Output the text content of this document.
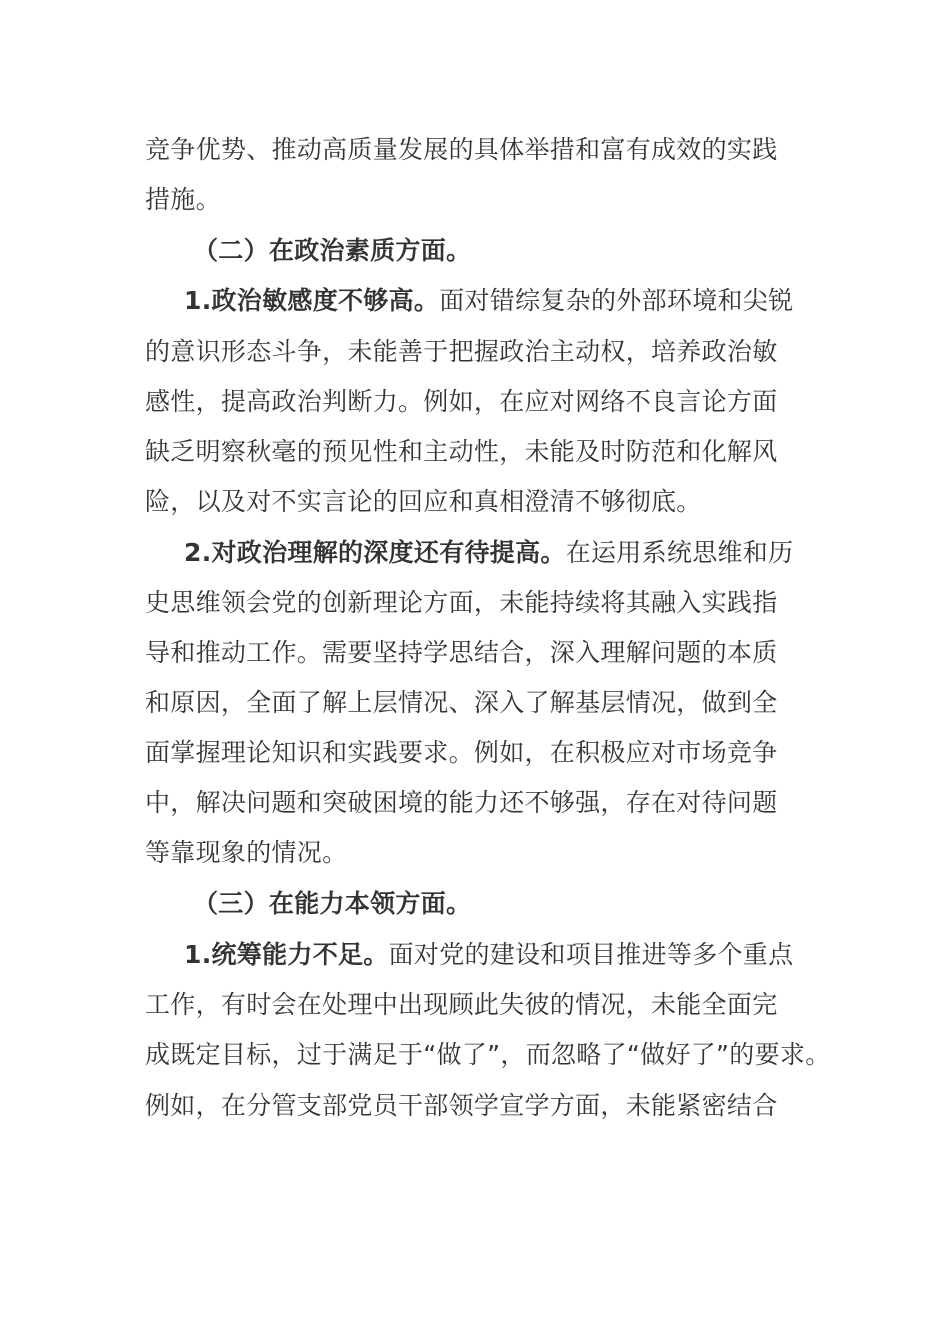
竞争优势、推动高质量发展的具体举措和富有成效的实践
措施。
（二）在政治素质方面。
1.政治敏感度不够高。面对错综复杂的外部环境和尖锐
的意识形态斗争，未能善于把握政治主动权，培养政治敏
感性，提高政治判断力。例如，在应对网络不良言论方面
缺乏明察秋毫的预见性和主动性，未能及时防范和化解风
险，以及对不实言论的回应和真相澄清不够彻底。
2.对政治理解的深度还有待提高。在运用系统思维和历
史思维领会党的创新理论方面，未能持续将其融入实践指
导和推动工作。需要坚持学思结合，深入理解问题的本质
和原因，全面了解上层情况、深入了解基层情况，做到全
面掌握理论知识和实践要求。例如，在积极应对市场竞争
中，解决问题和突破困境的能力还不够强，存在对待问题
等靠现象的情况。
（三）在能力本领方面。
1.统筹能力不足。面对党的建设和项目推进等多个重点
工作，有时会在处理中出现顾此失彼的情况，未能全面完
成既定目标，过于满足于“做了”，而忽略了“做好了”的要求。
例如，在分管支部党员干部领学宣学方面，未能紧密结合
